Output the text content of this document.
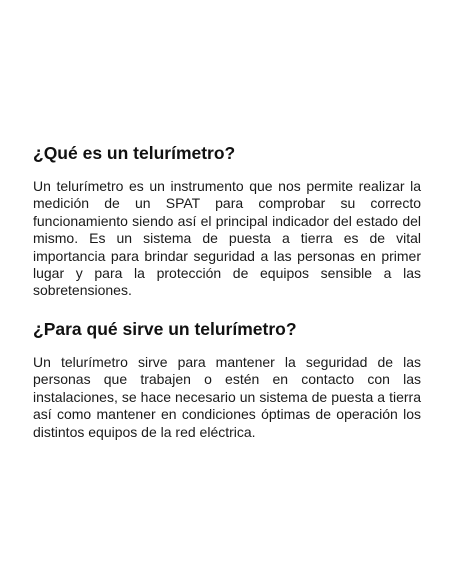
¿Qué es un telurímetro?

Un telurímetro es un instrumento que nos permite realizar la medición de un SPAT para comprobar su correcto funcionamiento siendo así el principal indicador del estado del mismo. Es un sistema de puesta a tierra es de vital importancia para brindar seguridad a las personas en primer lugar y para la protección de equipos sensible a las sobretensiones.

¿Para qué sirve un telurímetro?

Un telurímetro sirve para mantener la seguridad de las personas que trabajen o estén en contacto con las instalaciones, se hace necesario un sistema de puesta a tierra así como mantener en condiciones óptimas de operación los distintos equipos de la red eléctrica.
